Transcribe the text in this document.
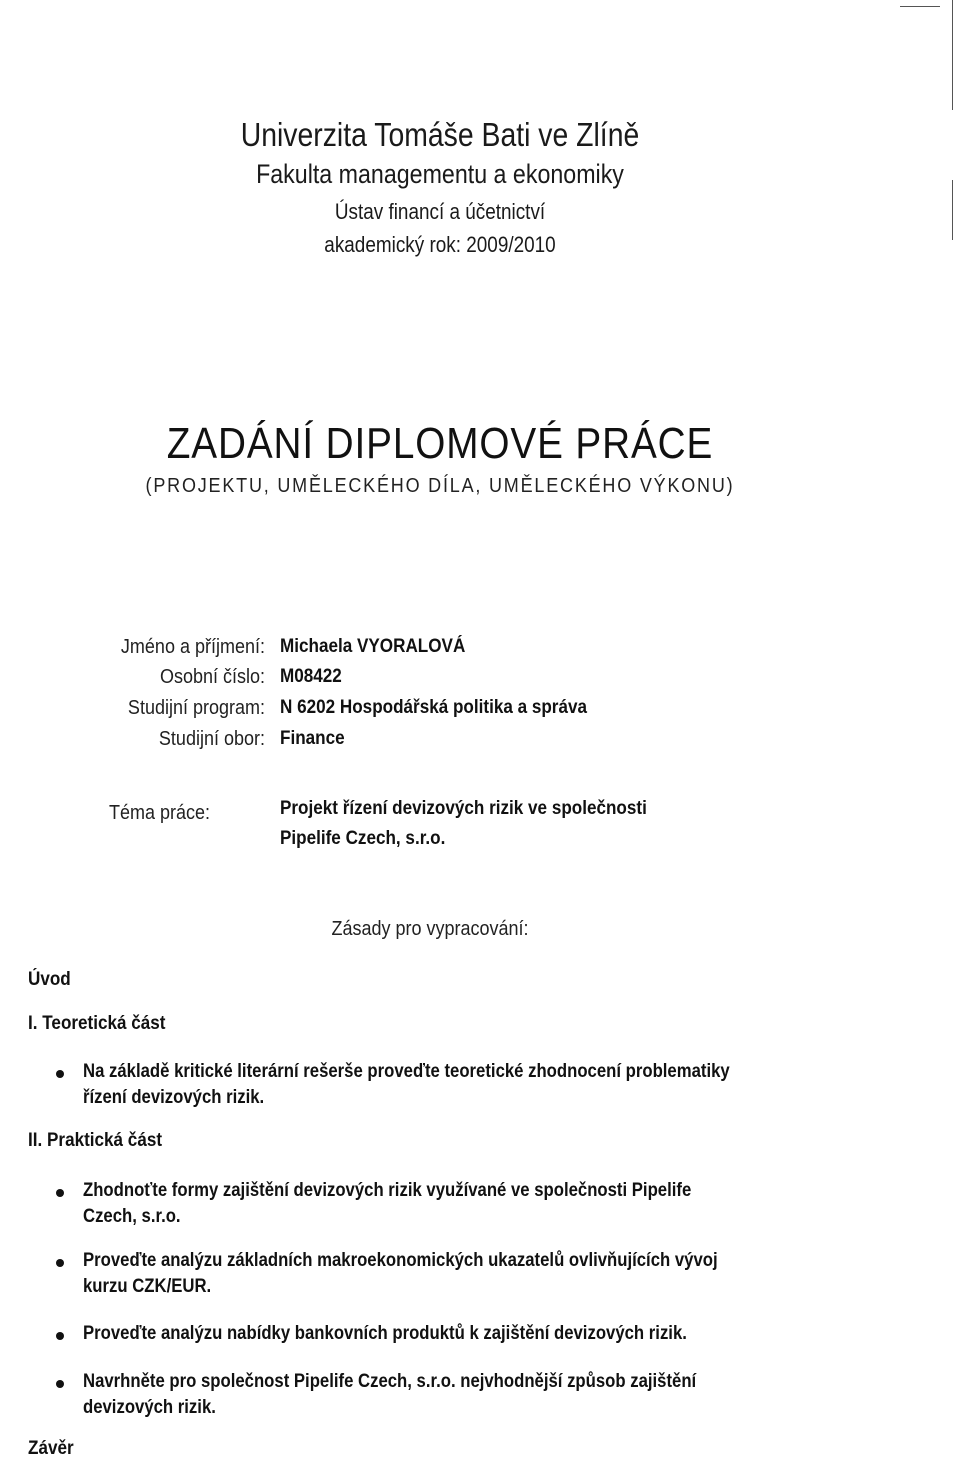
Univerzita Tomáše Bati ve Zlíně
Fakulta managementu a ekonomiky
Ústav financí a účetnictví
akademický rok: 2009/2010
ZADÁNÍ DIPLOMOVÉ PRÁCE
(PROJEKTU, UMĚLECKÉHO DÍLA, UMĚLECKÉHO VÝKONU)
Jméno a příjmení: Michaela VYORALOVÁ
Osobní číslo: M08422
Studijní program: N 6202 Hospodářská politika a správa
Studijní obor: Finance
Téma práce:	Projekt řízení devizových rizik ve společnosti
Pipelife Czech, s.r.o.
Zásady pro vypracování:
Úvod
I. Teoretická část
Na základě kritické literární rešerše proveďte teoretické zhodnocení problematiky
řízení devizových rizik.
II. Praktická část
Zhodnoťte formy zajištění devizových rizik využívané ve společnosti Pipelife
Czech, s.r.o.
Proveďte analýzu základních makroekonomických ukazatelů ovlivňujících vývoj
kurzu CZK/EUR.
Proveďte analýzu nabídky bankovních produktů k zajištění devizových rizik.
Navrhněte pro společnost Pipelife Czech, s.r.o. nejvhodnější způsob zajištění
devizových rizik.
Závěr
